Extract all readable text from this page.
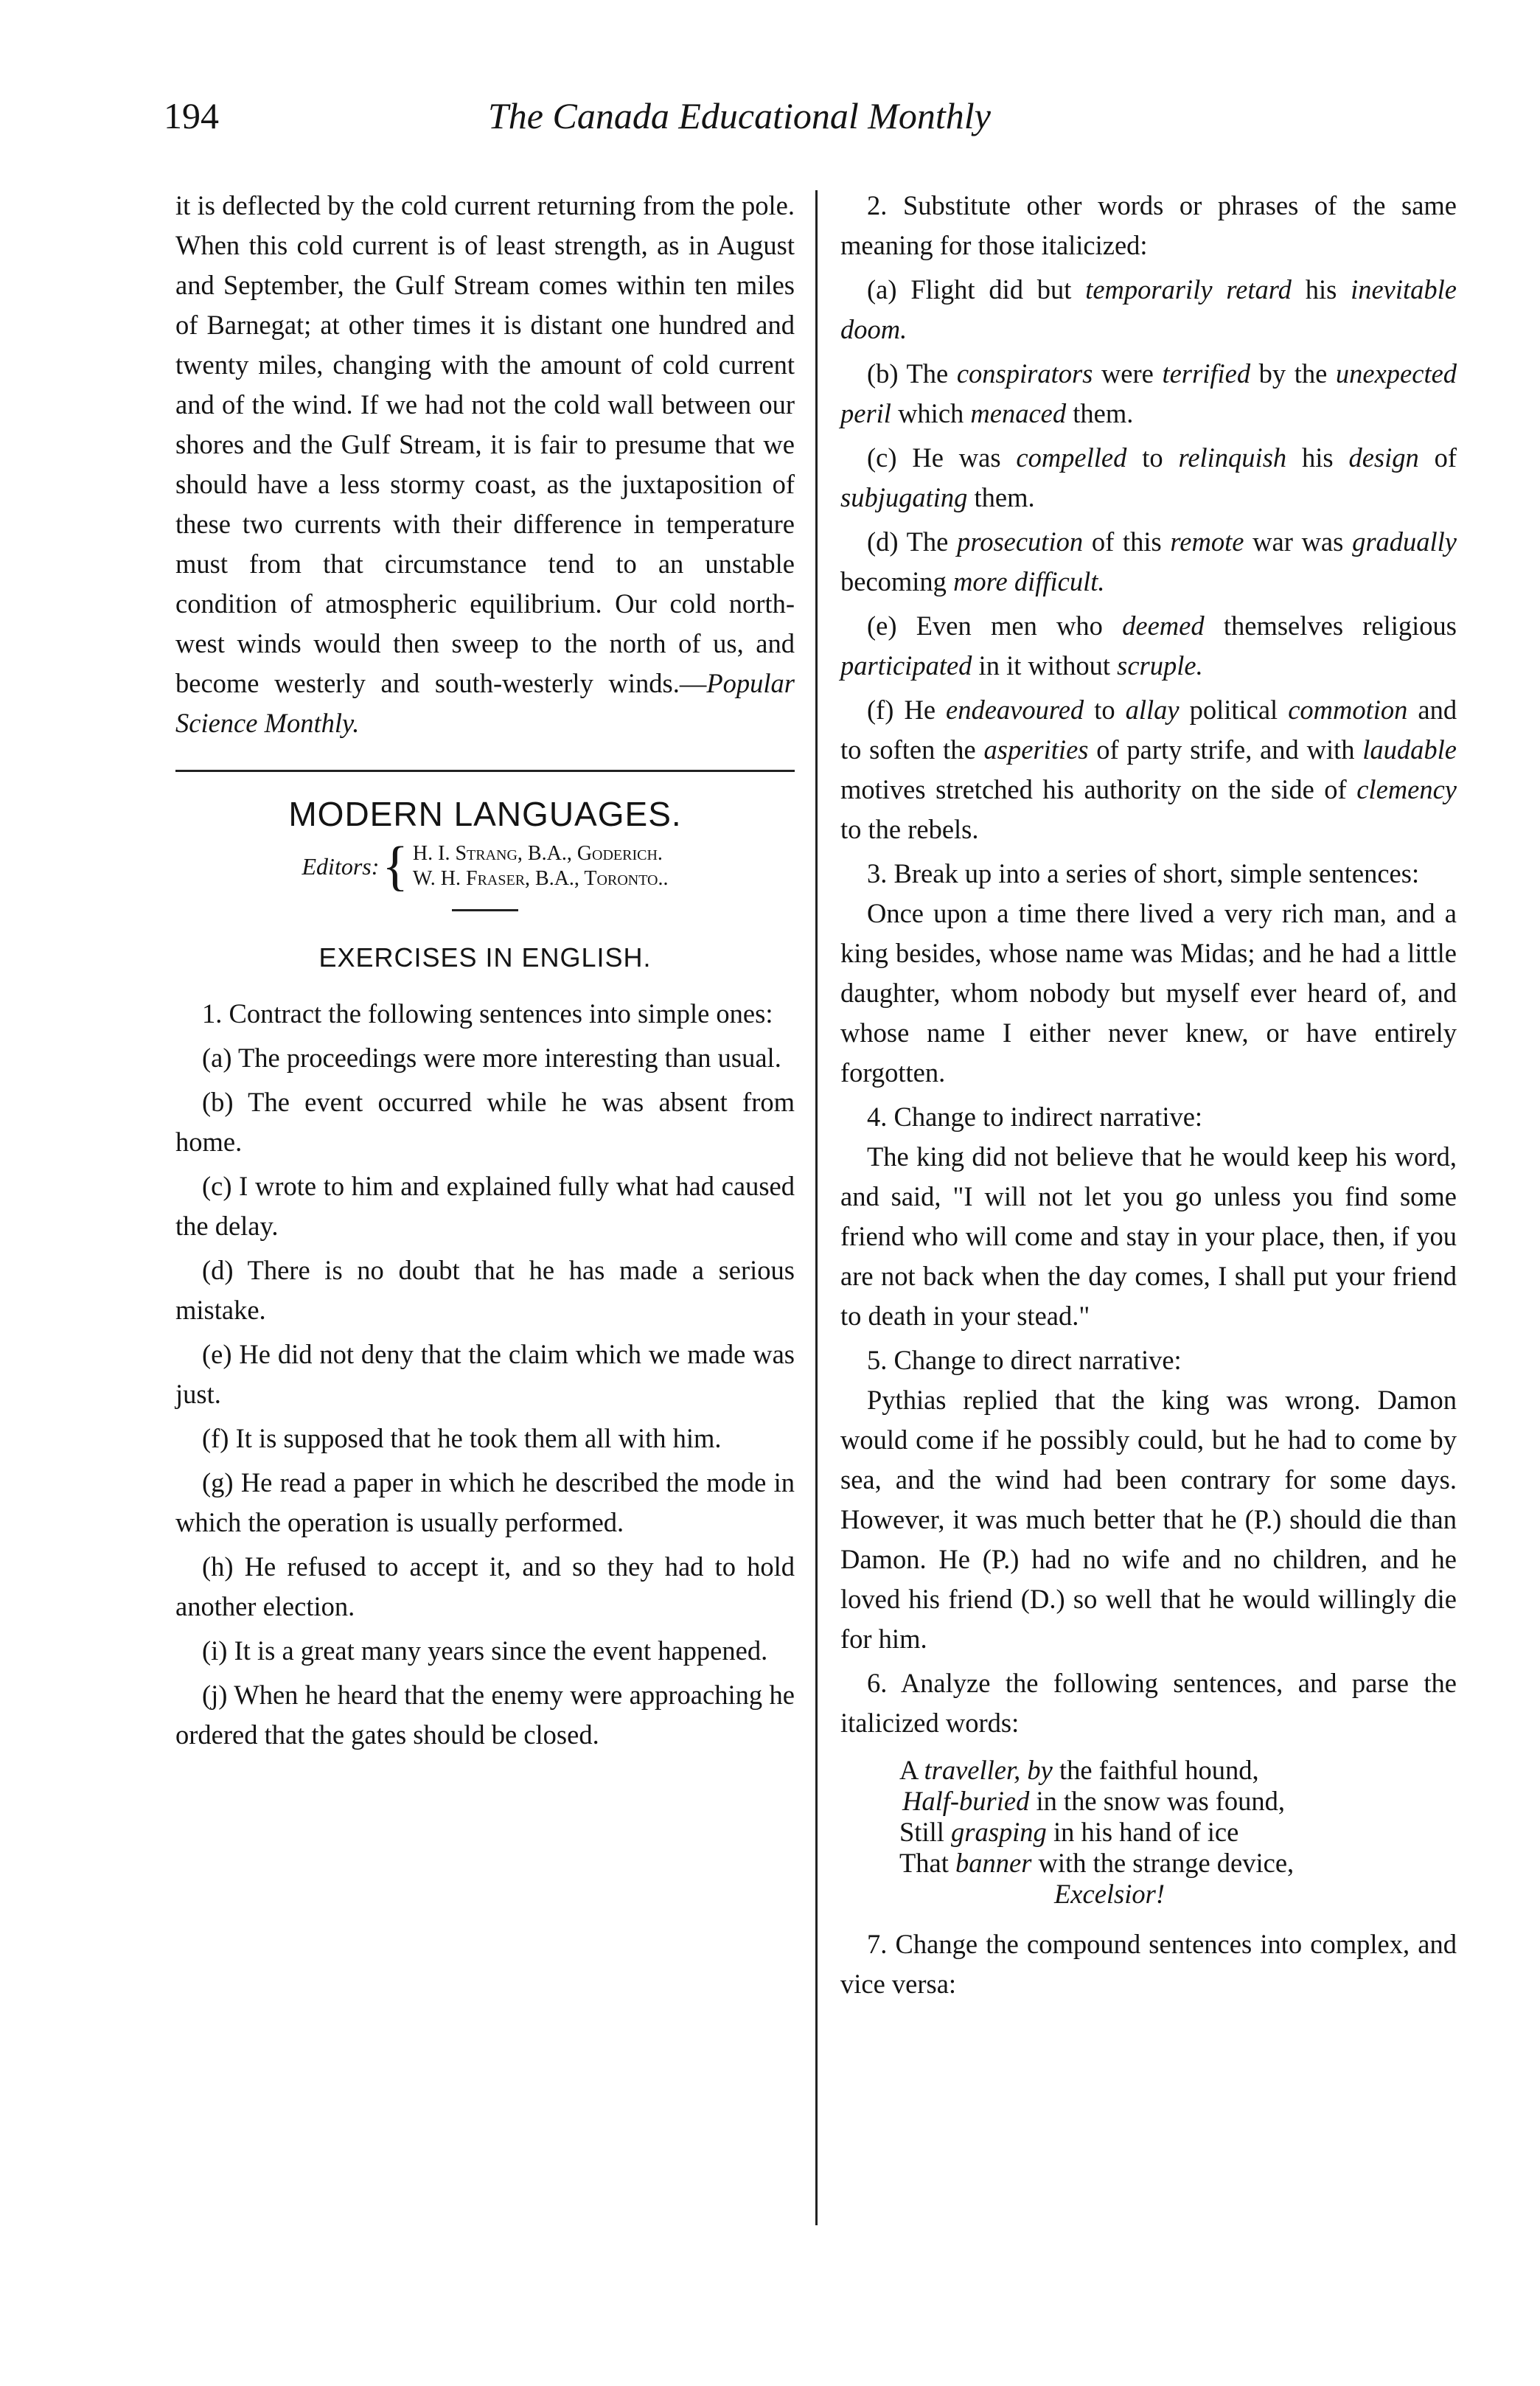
194	The Canada Educational Monthly

it is deflected by the cold current returning from the pole. When this cold current is of least strength, as in August and September, the Gulf Stream comes within ten miles of Barnegat; at other times it is distant one hundred and twenty miles, changing with the amount of cold current and of the wind. If we had not the cold wall between our shores and the Gulf Stream, it is fair to presume that we should have a less stormy coast, as the juxtaposition of these two currents with their difference in temperature must from that circumstance tend to an unstable condition of atmospheric equilibrium. Our cold north-west winds would then sweep to the north of us, and become westerly and south-westerly winds.—Popular Science Monthly.

MODERN LANGUAGES.
Editors: { H. I. Strang, B.A., Goderich.
W. H. Fraser, B.A., Toronto..
EXERCISES IN ENGLISH.

1. Contract the following sentences into simple ones:

(a) The proceedings were more interesting than usual.

(b) The event occurred while he was absent from home.

(c) I wrote to him and explained fully what had caused the delay.

(d) There is no doubt that he has made a serious mistake.

(e) He did not deny that the claim which we made was just.

(f) It is supposed that he took them all with him.

(g) He read a paper in which he described the mode in which the operation is usually performed.

(h) He refused to accept it, and so they had to hold another election.

(i) It is a great many years since the event happened.

(j) When he heard that the enemy were approaching he ordered that the gates should be closed.

2. Substitute other words or phrases of the same meaning for those italicized:

(a) Flight did but temporarily retard his inevitable doom.

(b) The conspirators were terrified by the unexpected peril which menaced them.

(c) He was compelled to relinquish his design of subjugating them.

(d) The prosecution of this remote war was gradually becoming more difficult.

(e) Even men who deemed themselves religious participated in it without scruple.

(f) He endeavoured to allay political commotion and to soften the asperities of party strife, and with laudable motives stretched his authority on the side of clemency to the rebels.

3. Break up into a series of short, simple sentences:

Once upon a time there lived a very rich man, and a king besides, whose name was Midas; and he had a little daughter, whom nobody but myself ever heard of, and whose name I either never knew, or have entirely forgotten.

4. Change to indirect narrative:

The king did not believe that he would keep his word, and said, "I will not let you go unless you find some friend who will come and stay in your place, then, if you are not back when the day comes, I shall put your friend to death in your stead."

5. Change to direct narrative:

Pythias replied that the king was wrong. Damon would come if he possibly could, but he had to come by sea, and the wind had been contrary for some days. However, it was much better that he (P.) should die than Damon. He (P.) had no wife and no children, and he loved his friend (D.) so well that he would willingly die for him.

6. Analyze the following sentences, and parse the italicized words:

A traveller, by the faithful hound,
Half-buried in the snow was found,
Still grasping in his hand of ice
That banner with the strange device,
Excelsior!

7. Change the compound sentences into complex, and vice versa:
